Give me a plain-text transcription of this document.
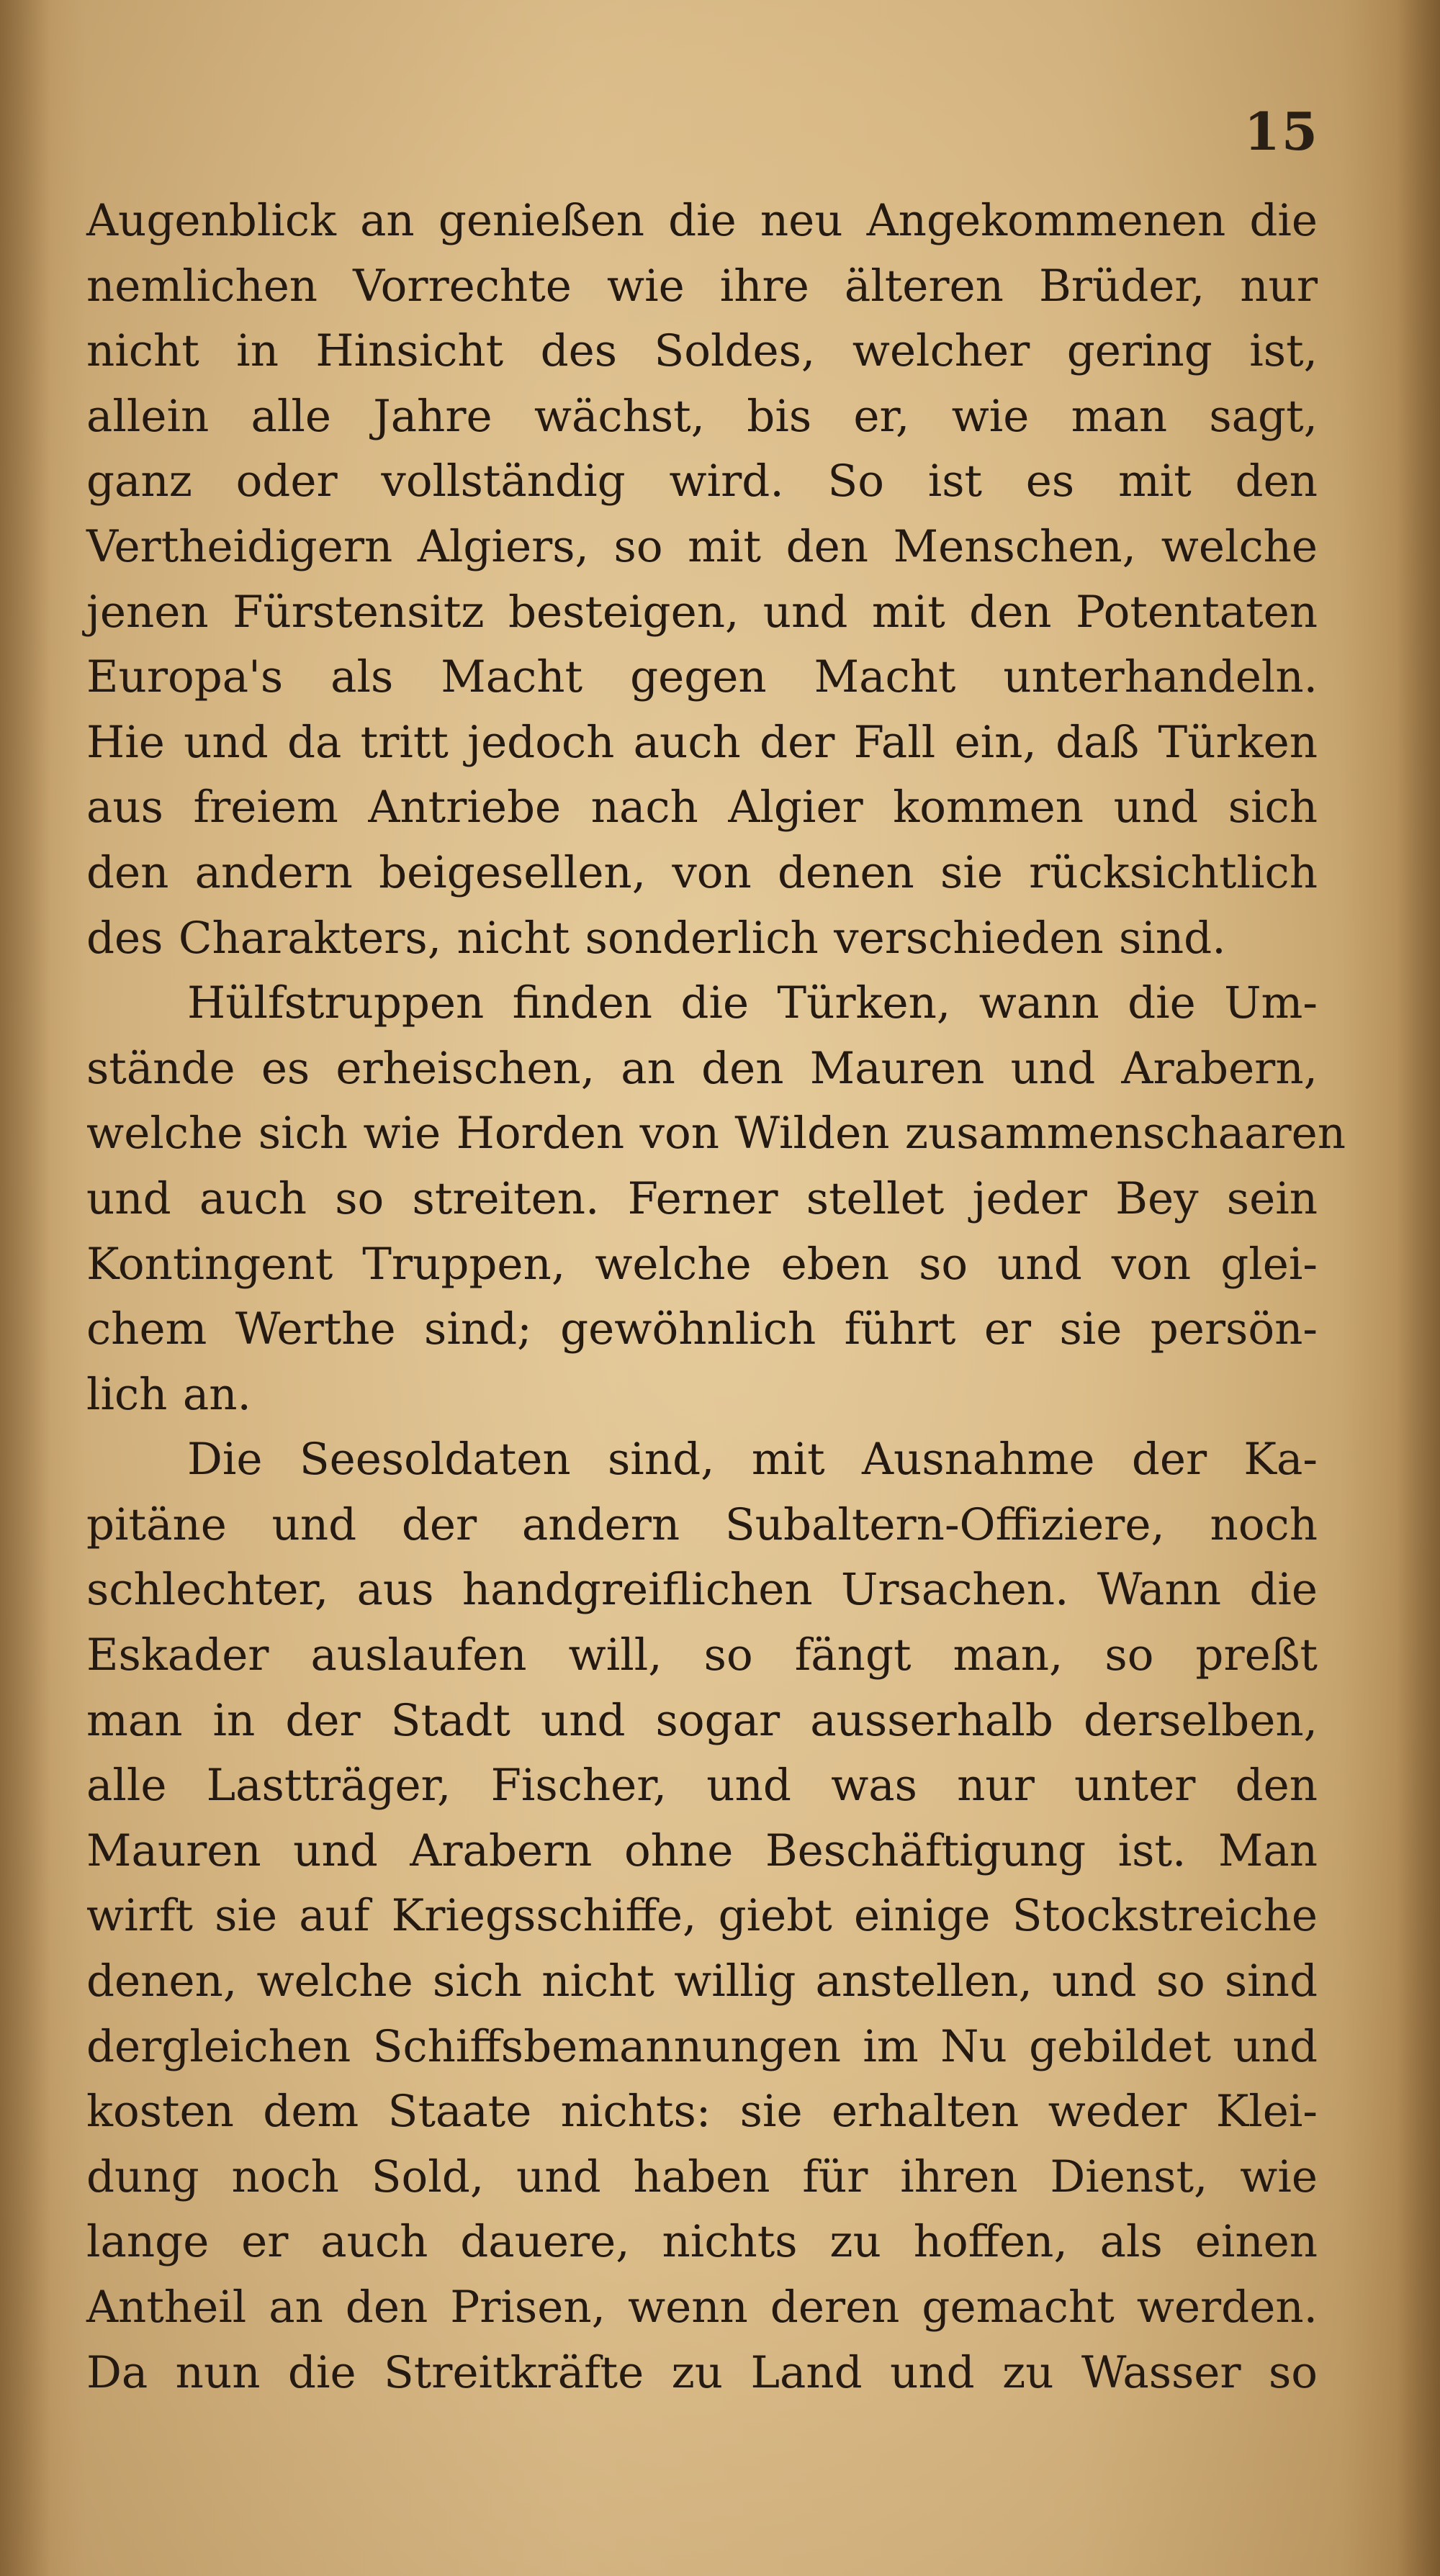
15
Augenblick an genießen die neu Angekommenen die
nemlichen Vorrechte wie ihre älteren Brüder, nur
nicht in Hinsicht des Soldes, welcher gering ist,
allein alle Jahre wächst, bis er, wie man sagt,
ganz oder vollständig wird. So ist es mit den
Vertheidigern Algiers, so mit den Menschen, welche
jenen Fürstensitz besteigen, und mit den Potentaten
Europa's als Macht gegen Macht unterhandeln.
Hie und da tritt jedoch auch der Fall ein, daß Türken
aus freiem Antriebe nach Algier kommen und sich
den andern beigesellen, von denen sie rücksichtlich
des Charakters, nicht sonderlich verschieden sind.
Hülfstruppen finden die Türken, wann die Um-
stände es erheischen, an den Mauren und Arabern,
welche sich wie Horden von Wilden zusammenschaaren
und auch so streiten. Ferner stellet jeder Bey sein
Kontingent Truppen, welche eben so und von glei-
chem Werthe sind; gewöhnlich führt er sie persön-
lich an.
Die Seesoldaten sind, mit Ausnahme der Ka-
pitäne und der andern Subaltern-Offiziere, noch
schlechter, aus handgreiflichen Ursachen. Wann die
Eskader auslaufen will, so fängt man, so preßt
man in der Stadt und sogar ausserhalb derselben,
alle Lastträger, Fischer, und was nur unter den
Mauren und Arabern ohne Beschäftigung ist. Man
wirft sie auf Kriegsschiffe, giebt einige Stockstreiche
denen, welche sich nicht willig anstellen, und so sind
dergleichen Schiffsbemannungen im Nu gebildet und
kosten dem Staate nichts: sie erhalten weder Klei-
dung noch Sold, und haben für ihren Dienst, wie
lange er auch dauere, nichts zu hoffen, als einen
Antheil an den Prisen, wenn deren gemacht werden.
Da nun die Streitkräfte zu Land und zu Wasser so
